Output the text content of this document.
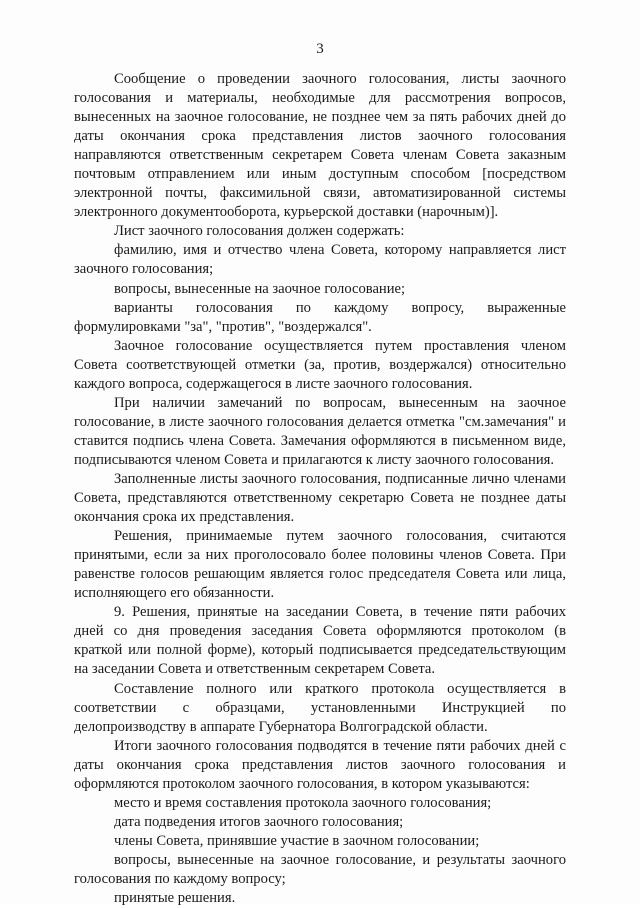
3

Сообщение о проведении заочного голосования, листы заочного голосования и материалы, необходимые для рассмотрения вопросов, вынесенных на заочное голосование, не позднее чем за пять рабочих дней до даты окончания срока представления листов заочного голосования направляются ответственным секретарем Совета членам Совета заказным почтовым отправлением или иным доступным способом [посредством электронной почты, факсимильной связи, автоматизированной системы электронного документооборота, курьерской доставки (нарочным)].

Лист заочного голосования должен содержать:

фамилию, имя и отчество члена Совета, которому направляется лист заочного голосования;

вопросы, вынесенные на заочное голосование;

варианты голосования по каждому вопросу, выраженные формулировками "за", "против", "воздержался".

Заочное голосование осуществляется путем проставления членом Совета соответствующей отметки (за, против, воздержался) относительно каждого вопроса, содержащегося в листе заочного голосования.

При наличии замечаний по вопросам, вынесенным на заочное голосование, в листе заочного голосования делается отметка "см.замечания" и ставится подпись члена Совета. Замечания оформляются в письменном виде, подписываются членом Совета и прилагаются к листу заочного голосования.

Заполненные листы заочного голосования, подписанные лично членами Совета, представляются ответственному секретарю Совета не позднее даты окончания срока их представления.

Решения, принимаемые путем заочного голосования, считаются принятыми, если за них проголосовало более половины членов Совета. При равенстве голосов решающим является голос председателя Совета или лица, исполняющего его обязанности.

9. Решения, принятые на заседании Совета, в течение пяти рабочих дней со дня проведения заседания Совета оформляются протоколом (в краткой или полной форме), который подписывается председательствующим на заседании Совета и ответственным секретарем Совета.

Составление полного или краткого протокола осуществляется в соответствии с образцами, установленными Инструкцией по делопроизводству в аппарате Губернатора Волгоградской области.

Итоги заочного голосования подводятся в течение пяти рабочих дней с даты окончания срока представления листов заочного голосования и оформляются протоколом заочного голосования, в котором указываются:

место и время составления протокола заочного голосования;

дата подведения итогов заочного голосования;

члены Совета, принявшие участие в заочном голосовании;

вопросы, вынесенные на заочное голосование, и результаты заочного голосования по каждому вопросу;

принятые решения.
